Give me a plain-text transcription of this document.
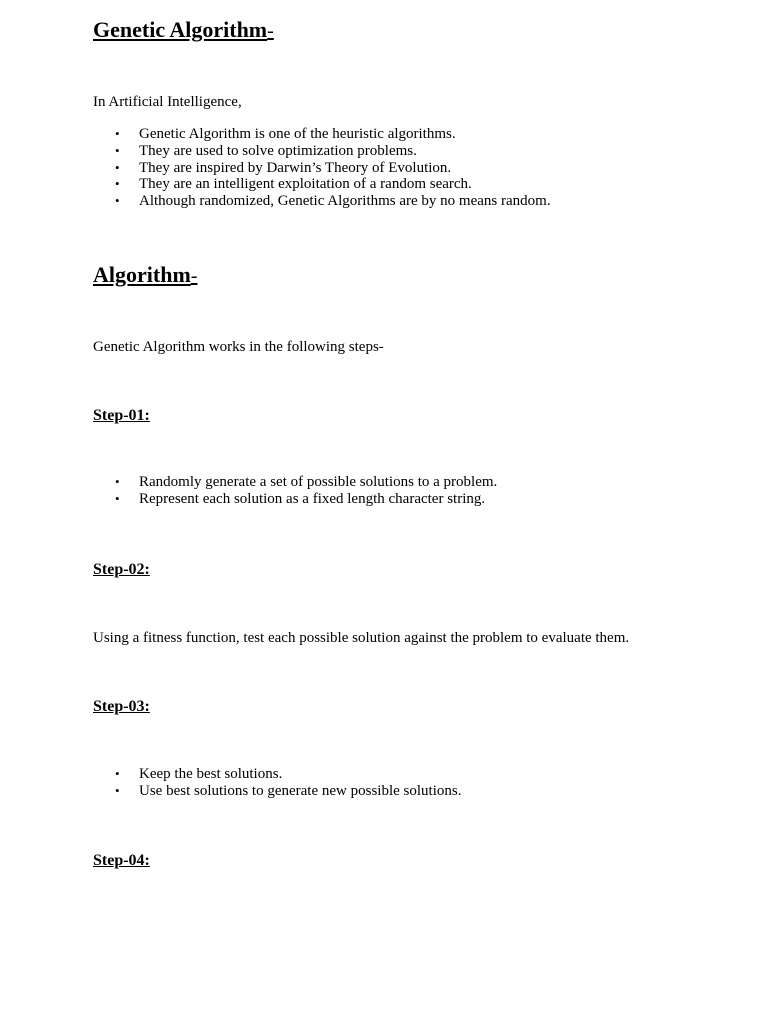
Genetic Algorithm-

In Artificial Intelligence,

• Genetic Algorithm is one of the heuristic algorithms.
• They are used to solve optimization problems.
• They are inspired by Darwin’s Theory of Evolution.
• They are an intelligent exploitation of a random search.
• Although randomized, Genetic Algorithms are by no means random.
Algorithm-

Genetic Algorithm works in the following steps-

Step-01:
• Randomly generate a set of possible solutions to a problem.
• Represent each solution as a fixed length character string.
Step-02:

Using a fitness function, test each possible solution against the problem to evaluate them.

Step-03:
• Keep the best solutions.
• Use best solutions to generate new possible solutions.
Step-04:
